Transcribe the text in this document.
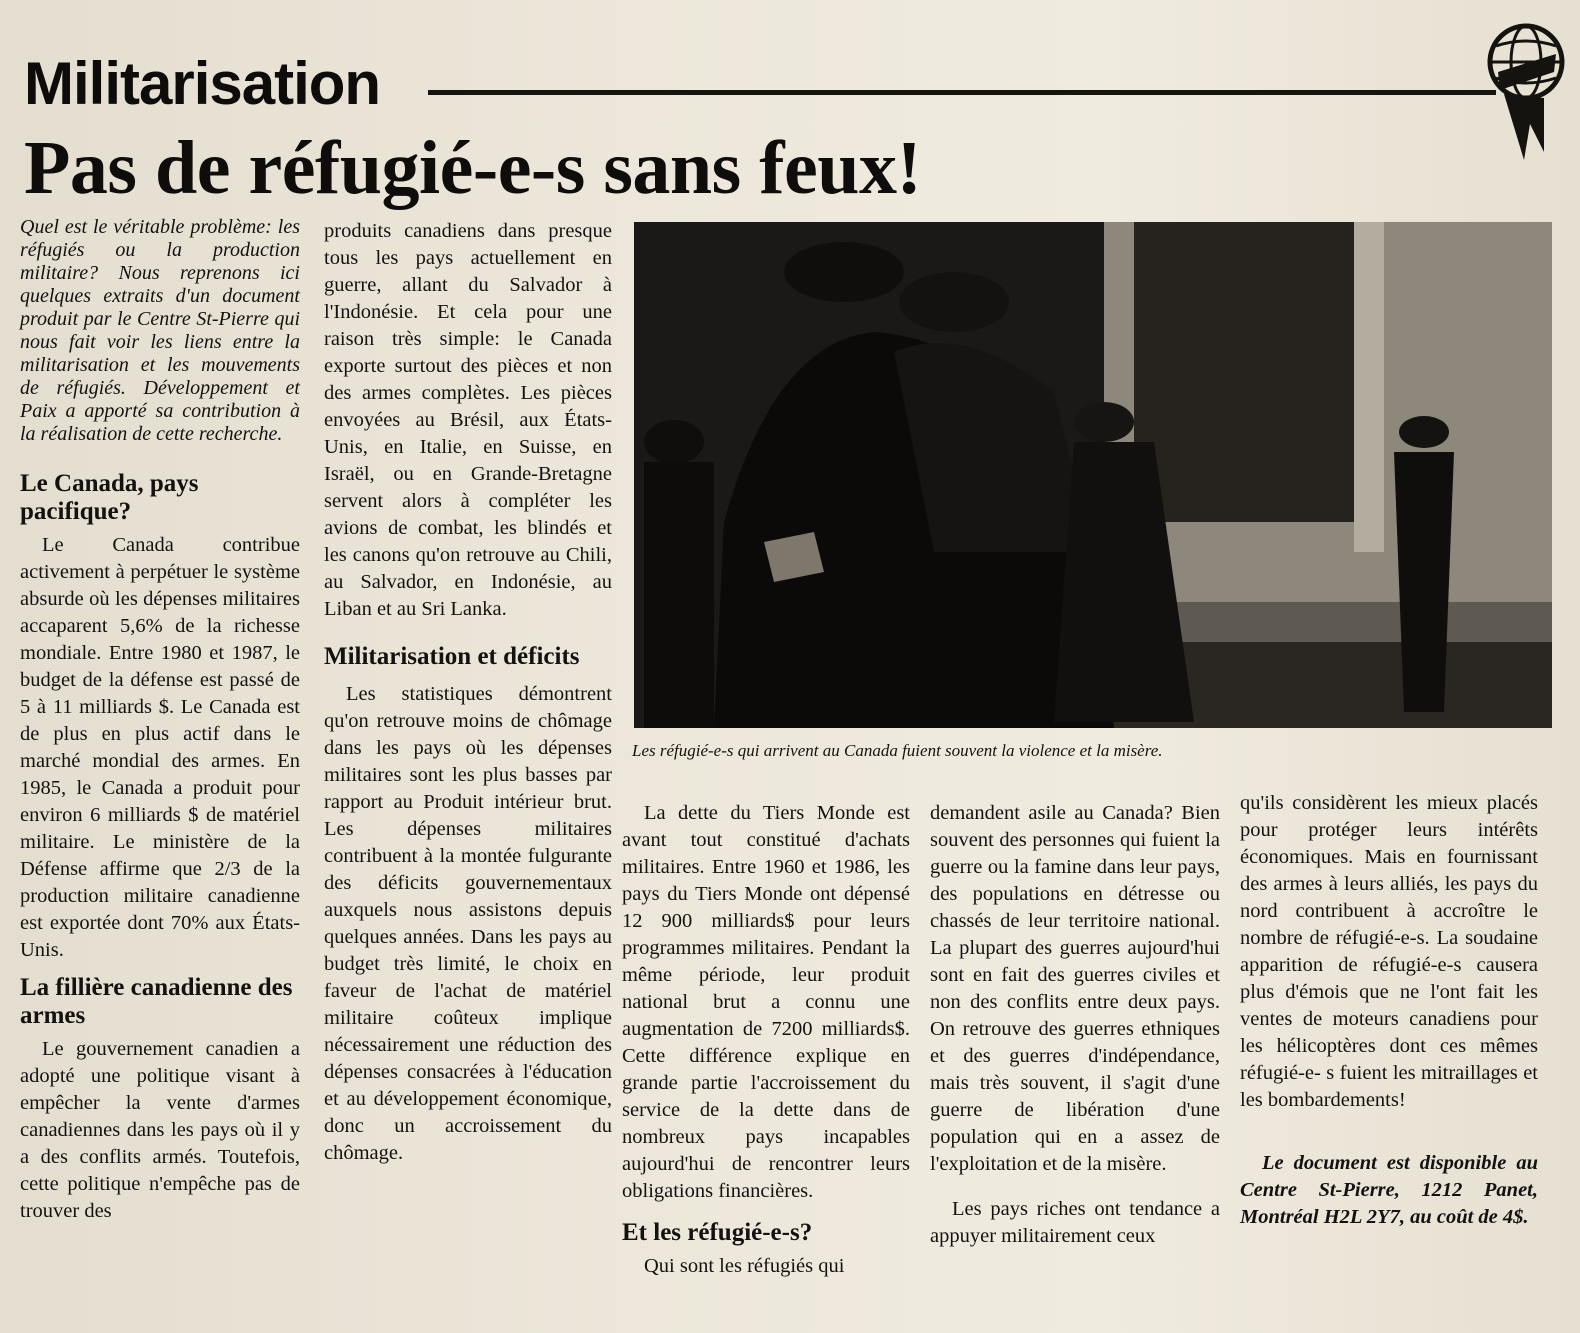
Militarisation
Pas de réfugié-e-s sans feux!

Quel est le véritable problème: les réfugiés ou la production militaire? Nous reprenons ici quelques extraits d'un document produit par le Centre St-Pierre qui nous fait voir les liens entre la militarisation et les mouvements de réfugiés. Développement et Paix a apporté sa contribution à la réalisation de cette recherche.

Le Canada, pays pacifique?

Le Canada contribue activement à perpétuer le système absurde où les dépenses militaires accaparent 5,6% de la richesse mondiale. Entre 1980 et 1987, le budget de la défense est passé de 5 à 11 milliards $. Le Canada est de plus en plus actif dans le marché mondial des armes. En 1985, le Canada a produit pour environ 6 milliards $ de matériel militaire. Le ministère de la Défense affirme que 2/3 de la production militaire canadienne est exportée dont 70% aux États-Unis.

La fillière canadienne des armes

Le gouvernement canadien a adopté une politique visant à empêcher la vente d'armes canadiennes dans les pays où il y a des conflits armés. Toutefois, cette politique n'empêche pas de trouver des

produits canadiens dans presque tous les pays actuellement en guerre, allant du Salvador à l'Indonésie. Et cela pour une raison très simple: le Canada exporte surtout des pièces et non des armes complètes. Les pièces envoyées au Brésil, aux États-Unis, en Italie, en Suisse, en Israël, ou en Grande-Bretagne servent alors à compléter les avions de combat, les blindés et les canons qu'on retrouve au Chili, au Salvador, en Indonésie, au Liban et au Sri Lanka.

Militarisation et déficits

Les statistiques démontrent qu'on retrouve moins de chômage dans les pays où les dépenses militaires sont les plus basses par rapport au Produit intérieur brut. Les dépenses militaires contribuent à la montée fulgurante des déficits gouvernementaux auxquels nous assistons depuis quelques années. Dans les pays au budget très limité, le choix en faveur de l'achat de matériel militaire coûteux implique nécessairement une réduction des dépenses consacrées à l'éducation et au développement économique, donc un accroissement du chômage.

Les réfugié-e-s qui arrivent au Canada fuient souvent la violence et la misère.

La dette du Tiers Monde est avant tout constitué d'achats militaires. Entre 1960 et 1986, les pays du Tiers Monde ont dépensé 12 900 milliards$ pour leurs programmes militaires. Pendant la même période, leur produit national brut a connu une augmentation de 7200 milliards$. Cette différence explique en grande partie l'accroissement du service de la dette dans de nombreux pays incapables aujourd'hui de rencontrer leurs obligations financières.

Et les réfugié-e-s?

Qui sont les réfugiés qui

demandent asile au Canada? Bien souvent des personnes qui fuient la guerre ou la famine dans leur pays, des populations en détresse ou chassés de leur territoire national. La plupart des guerres aujourd'hui sont en fait des guerres civiles et non des conflits entre deux pays. On retrouve des guerres ethniques et des guerres d'indépendance, mais très souvent, il s'agit d'une guerre de libération d'une population qui en a assez de l'exploitation et de la misère.

Les pays riches ont tendance a appuyer militairement ceux

qu'ils considèrent les mieux placés pour protéger leurs intérêts économiques. Mais en fournissant des armes à leurs alliés, les pays du nord contribuent à accroître le nombre de réfugié-e-s. La soudaine apparition de réfugié-e-s causera plus d'émois que ne l'ont fait les ventes de moteurs canadiens pour les hélicoptères dont ces mêmes réfugié-e- s fuient les mitraillages et les bombardements!

Le document est disponible au Centre St-Pierre, 1212 Panet, Montréal H2L 2Y7, au coût de 4$.
